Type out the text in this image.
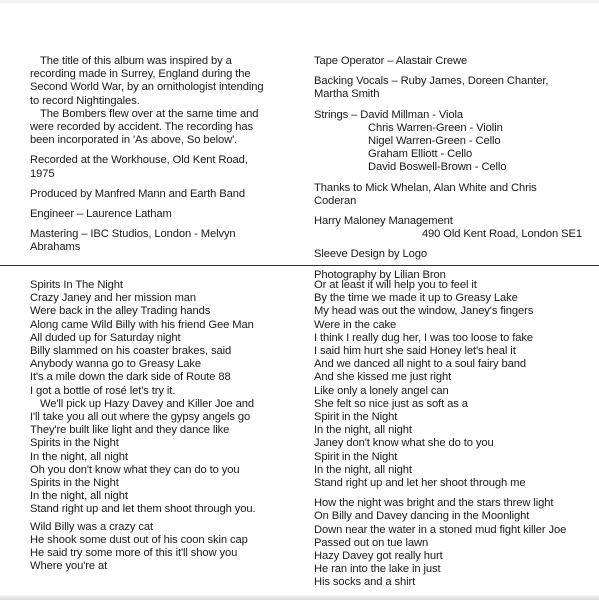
The title of this album was inspired by a

recording made in Surrey, England during the

Second World War, by an ornithologist intending

to record Nightingales.

The Bombers flew over at the same time and

were recorded by accident. The recording has

been incorporated in 'As above, So below'.

Recorded at the Workhouse, Old Kent Road,

1975

Produced by Manfred Mann and Earth Band

Engineer – Laurence Latham

Mastering – IBC Studios, London - Melvyn

Abrahams

Tape Operator – Alastair Crewe

Backing Vocals – Ruby James, Doreen Chanter,

Martha Smith

Strings – David Millman - Viola

Chris Warren-Green - Violin

Nigel Warren-Green - Cello

Graham Elliott - Cello

David Boswell-Brown - Cello

Thanks to Mick Whelan, Alan White and Chris

Coderan

Harry Maloney Management

490 Old Kent Road, London SE1

Sleeve Design by Logo

Photography by Lilian Bron

Spirits In The Night

Crazy Janey and her mission man

Were back in the alley Trading hands

Along came Wild Billy with his friend Gee Man

All duded up for Saturday night

Billy slammed on his coaster brakes, said

Anybody wanna go to Greasy Lake

It's a mile down the dark side of Route 88

I got a bottle of rosé let's try it.

We'll pick up Hazy Davey and Killer Joe and

I'll take you all out where the gypsy angels go

They're built like light and they dance like

Spirits in the Night

In the night, all night

Oh you don't know what they can do to you

Spirits in the Night

In the night, all night

Stand right up and let them shoot through you.

Wild Billy was a crazy cat

He shook some dust out of his coon skin cap

He said try some more of this it'll show you

Where you're at

Or at least it will help you to feel it

By the time we made it up to Greasy Lake

My head was out the window, Janey's fingers

Were in the cake

I think I really dug her, I was too loose to fake

I said him hurt she said Honey let's heal it

And we danced all night to a soul fairy band

And she kissed me just right

Like only a lonely angel can

She felt so nice just as soft as a

Spirit in the Night

In the night, all night

Janey don't know what she do to you

Spirit in the Night

In the night, all night

Stand right up and let her shoot through me

How the night was bright and the stars threw light

On Billy and Davey dancing in the Moonlight

Down near the water in a stoned mud fight killer Joe

Passed out on tue lawn

Hazy Davey got really hurt

He ran into the lake in just

His socks and a shirt
